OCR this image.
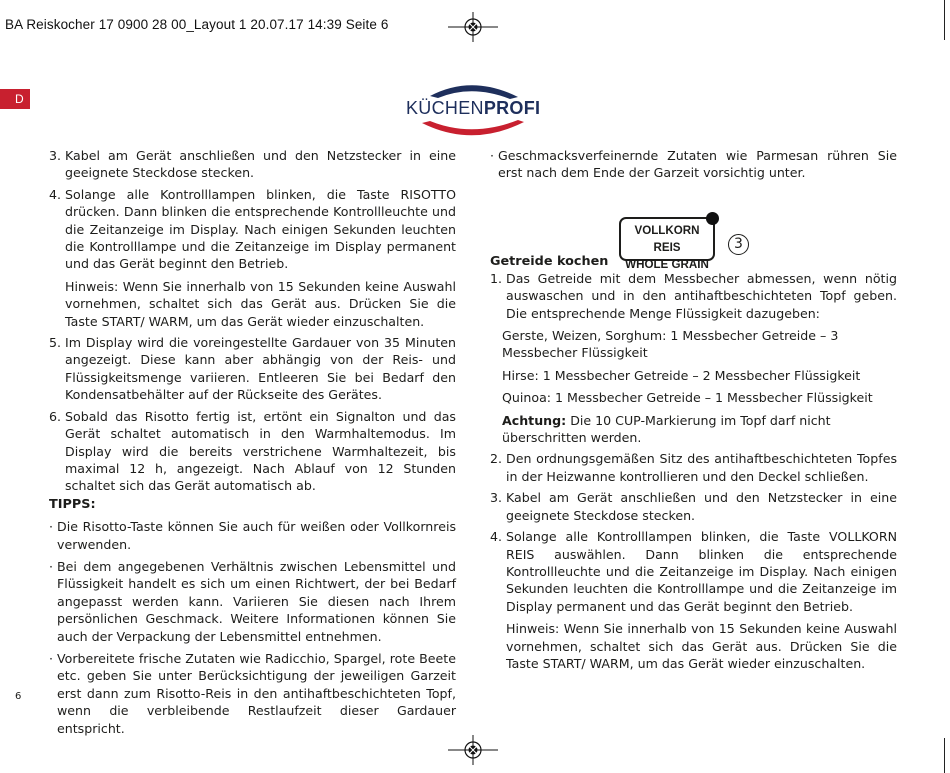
BA Reiskocher 17 0900 28 00_Layout 1 20.07.17 14:39 Seite 6
D	KÜCHENPROFI
3. Kabel am Gerät anschließen und den Netzstecker in eine geeignete Steckdose stecken.
4. Solange alle Kontrolllampen blinken, die Taste RISOTTO drücken. Dann blinken die entsprechende Kontrollleuchte und die Zeitanzeige im Display. Nach einigen Sekunden leuchten die Kontrolllampe und die Zeitanzeige im Display permanent und das Gerät beginnt den Betrieb.

Hinweis: Wenn Sie innerhalb von 15 Sekunden keine Auswahl vornehmen, schaltet sich das Gerät aus. Drücken Sie die Taste START/ WARM, um das Gerät wieder einzuschalten.

5. Im Display wird die voreingestellte Gardauer von 35 Minuten angezeigt. Diese kann aber abhängig von der Reis- und Flüssigkeitsmenge variieren. Entleeren Sie bei Bedarf den Kondensatbehälter auf der Rückseite des Gerätes.
6. Sobald das Risotto fertig ist, ertönt ein Signalton und das Gerät schaltet automatisch in den Warmhaltemodus. Im Display wird die bereits verstrichene Warmhaltezeit, bis maximal 12 h, angezeigt. Nach Ablauf von 12 Stunden schaltet sich das Gerät automatisch ab.

TIPPS:

· Die Risotto-Taste können Sie auch für weißen oder Vollkornreis verwenden.
· Bei dem angegebenen Verhältnis zwischen Lebensmittel und Flüssigkeit handelt es sich um einen Richtwert, der bei Bedarf angepasst werden kann. Variieren Sie diesen nach Ihrem persönlichen Geschmack. Weitere Informationen können Sie auch der Verpackung der Lebensmittel entnehmen.
· Vorbereitete frische Zutaten wie Radicchio, Spargel, rote Beete etc. geben Sie unter Berücksichtigung der jeweiligen Garzeit erst dann zum Risotto-Reis in den antihaftbeschichteten Topf, wenn die verbleibende Restlaufzeit dieser Gardauer entspricht.
· Geschmacksverfeinernde Zutaten wie Parmesan rühren Sie erst nach dem Ende der Garzeit vorsichtig unter.
1. Das Getreide mit dem Messbecher abmessen, wenn nötig auswaschen und in den antihaftbeschichteten Topf geben. Die entsprechende Menge Flüssigkeit dazugeben:

Gerste, Weizen, Sorghum: 1 Messbecher Getreide – 3 Messbecher Flüssigkeit

Hirse: 1 Messbecher Getreide – 2 Messbecher Flüssigkeit

Quinoa: 1 Messbecher Getreide – 1 Messbecher Flüssigkeit

Achtung: Die 10 CUP-Markierung im Topf darf nicht überschritten werden.

2. Den ordnungsgemäßen Sitz des antihaftbeschichteten Topfes in der Heizwanne kontrollieren und den Deckel schließen.
3. Kabel am Gerät anschließen und den Netzstecker in eine geeignete Steckdose stecken.
4. Solange alle Kontrolllampen blinken, die Taste VOLLKORN REIS auswählen. Dann blinken die entsprechende Kontrollleuchte und die Zeitanzeige im Display. Nach einigen Sekunden leuchten die Kontrolllampe und die Zeitanzeige im Display permanent und das Gerät beginnt den Betrieb.

Hinweis: Wenn Sie innerhalb von 15 Sekunden keine Auswahl vornehmen, schaltet sich das Gerät aus. Drücken Sie die Taste START/ WARM, um das Gerät wieder einzuschalten.

VOLLKORN REIS
WHOLE GRAIN
3
Getreide kochen
6
